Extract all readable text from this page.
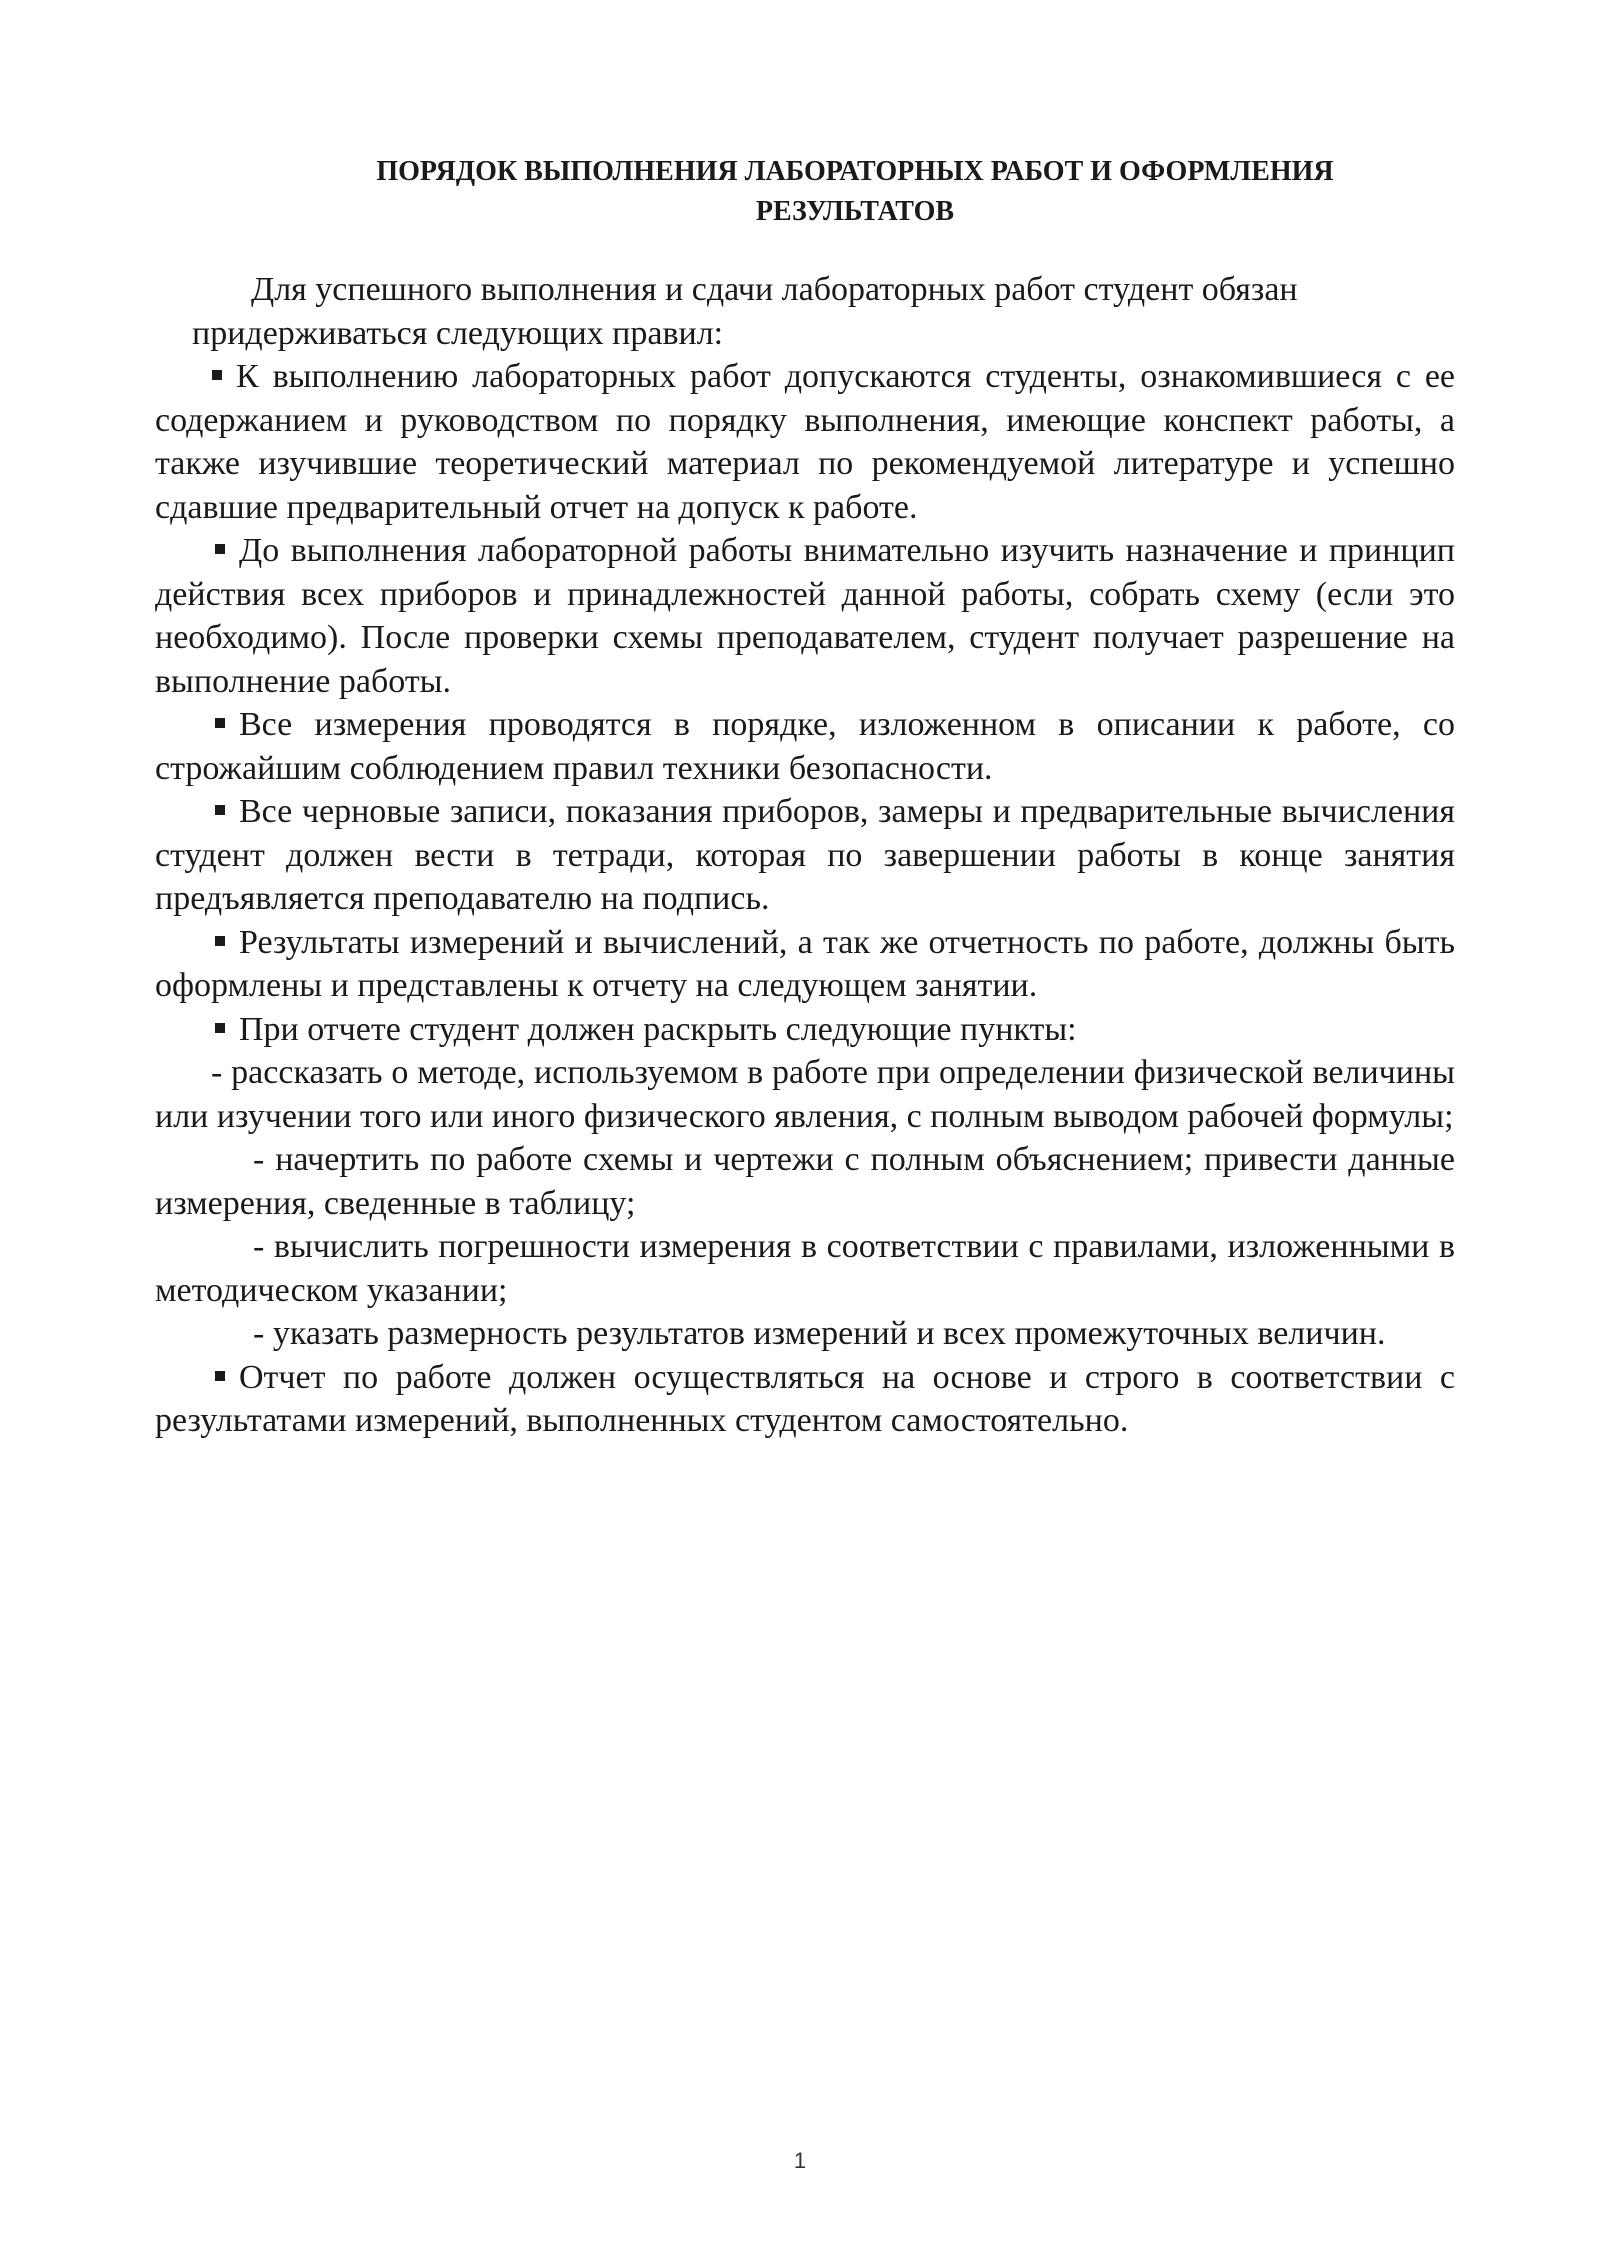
ПОРЯДОК ВЫПОЛНЕНИЯ ЛАБОРАТОРНЫХ РАБОТ И ОФОРМЛЕНИЯ
РЕЗУЛЬТАТОВ

Для успешного выполнения и сдачи лабораторных работ студент обязан

придерживаться следующих правил:

К выполнению лабораторных работ допускаются студенты, ознакомившиеся с ее содержанием и руководством по порядку выполнения, имеющие конспект работы, а также изучившие теоретический материал по рекомендуемой литературе и успешно сдавшие предварительный отчет на допуск к работе.

До выполнения лабораторной работы внимательно изучить назначение и принцип действия всех приборов и принадлежностей данной работы, собрать схему (если это необходимо). После проверки схемы преподавателем, студент получает разрешение на выполнение работы.

Все измерения проводятся в порядке, изложенном в описании к работе, со строжайшим соблюдением правил техники безопасности.

Все черновые записи, показания приборов, замеры и предварительные вычисления студент должен вести в тетради, которая по завершении работы в конце занятия предъявляется преподавателю на подпись.

Результаты измерений и вычислений, а так же отчетность по работе, должны быть оформлены и представлены к отчету на следующем занятии.

При отчете студент должен раскрыть следующие пункты:

- рассказать о методе, используемом в работе при определении физической величины или изучении того или иного физического явления, с полным выводом рабочей формулы;

- начертить по работе схемы и чертежи с полным объяснением; привести данные измерения, сведенные в таблицу;

- вычислить погрешности измерения в соответствии с правилами, изложенными в методическом указании;

- указать размерность результатов измерений и всех промежуточных величин.

Отчет по работе должен осуществляться на основе и строго в соответствии с результатами измерений, выполненных студентом самостоятельно.

1
